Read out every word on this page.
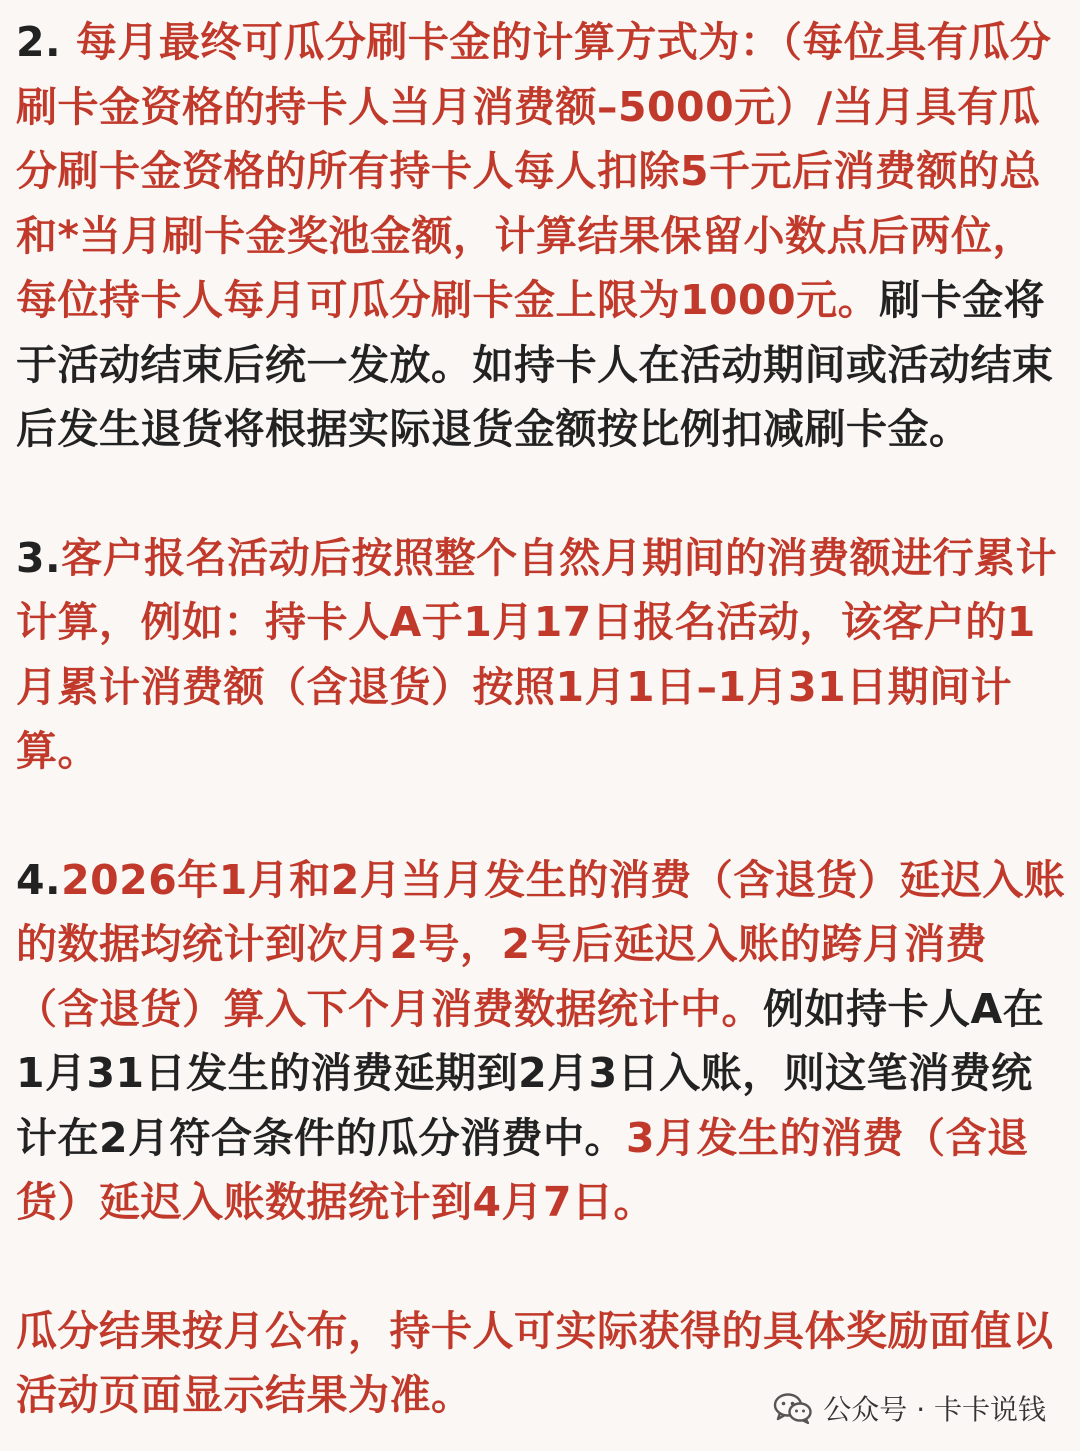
2. 每月最终可瓜分刷卡金的计算方式为：（每位具有瓜分刷卡金资格的持卡人当月消费额–5000元）/当月具有瓜分刷卡金资格的所有持卡人每人扣除5千元后消费额的总和*当月刷卡金奖池金额，计算结果保留小数点后两位，每位持卡人每月可瓜分刷卡金上限为1000元。刷卡金将于活动结束后统一发放。如持卡人在活动期间或活动结束后发生退货将根据实际退货金额按比例扣减刷卡金。

3.客户报名活动后按照整个自然月期间的消费额进行累计计算，例如：持卡人A于1月17日报名活动，该客户的1月累计消费额（含退货）按照1月1日–1月31日期间计算。

4.2026年1月和2月当月发生的消费（含退货）延迟入账的数据均统计到次月2号，2号后延迟入账的跨月消费（含退货）算入下个月消费数据统计中。例如持卡人A在1月31日发生的消费延期到2月3日入账，则这笔消费统计在2月符合条件的瓜分消费中。3月发生的消费（含退货）延迟入账数据统计到4月7日。

瓜分结果按月公布，持卡人可实际获得的具体奖励面值以活动页面显示结果为准。	公众号 · 卡卡说钱
